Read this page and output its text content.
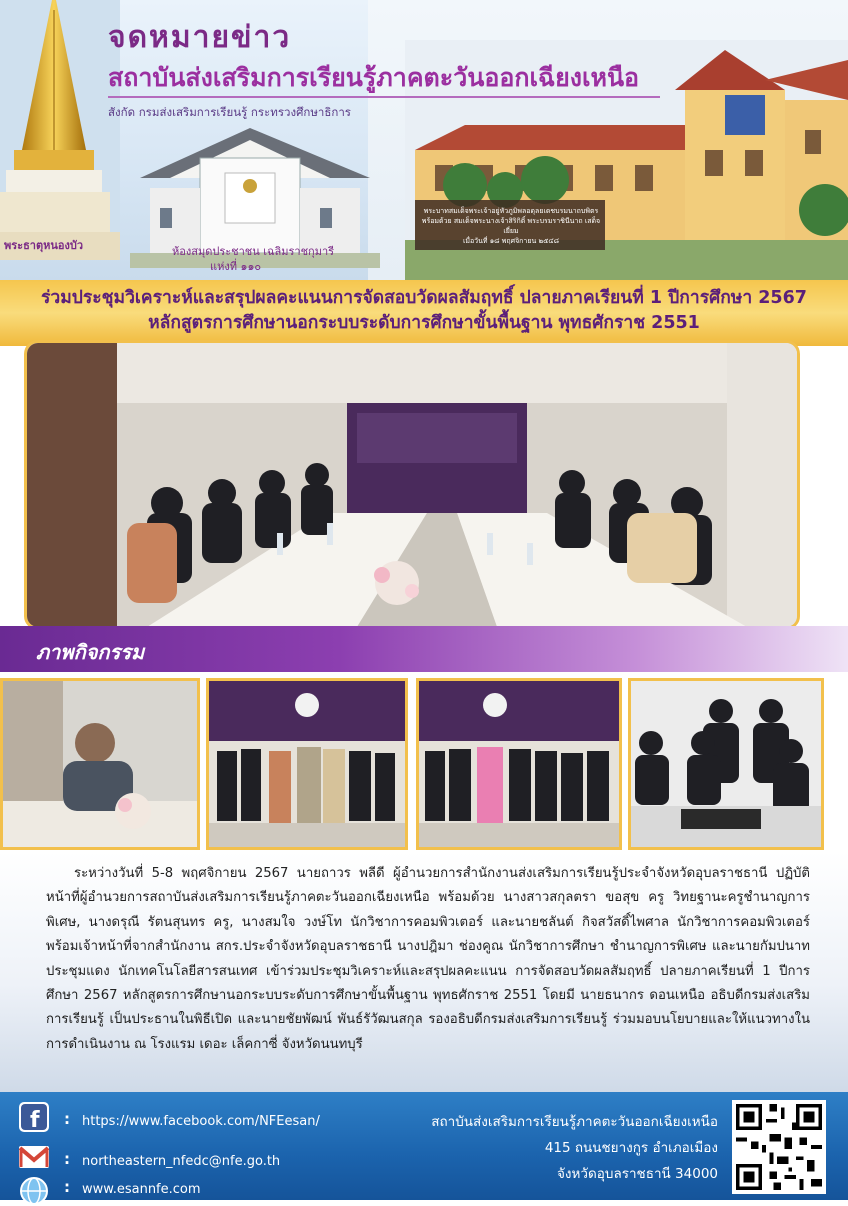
จดหมายข่าว
สถาบันส่งเสริมการเรียนรู้ภาคตะวันออกเฉียงเหนือ

สังกัด กรมส่งเสริมการเรียนรู้ กระทรวงศึกษาธิการ

พระธาตุหนองบัว	ห้องสมุดประชาชน เฉลิมราชกุมารี
แห่งที่ ๑๑๐
พระบาทสมเด็จพระเจ้าอยู่หัวภูมิพลอดุลยเดชบรมนาถบพิตร
พร้อมด้วย สมเด็จพระนางเจ้าสิริกิติ์ พระบรมราชินีนาถ เสด็จเยี่ยม
เมื่อวันที่ ๑๘ พฤศจิกายน ๒๕๔๘
ร่วมประชุมวิเคราะห์และสรุปผลคะแนนการจัดสอบวัดผลสัมฤทธิ์ ปลายภาคเรียนที่ 1 ปีการศึกษา 2567
หลักสูตรการศึกษานอกระบบระดับการศึกษาขั้นพื้นฐาน พุทธศักราช 2551
ภาพกิจกรรม

ระหว่างวันที่ 5-8 พฤศจิกายน 2567 นายถาวร พลีดี ผู้อำนวยการสำนักงานส่งเสริมการเรียนรู้ประจำจังหวัดอุบลราชธานี ปฏิบัติหน้าที่ผู้อำนวยการสถาบันส่งเสริมการเรียนรู้ภาคตะวันออกเฉียงเหนือ พร้อมด้วย นางสาวสกุลตรา ขอสุข ครู วิทยฐานะครูชำนาญการพิเศษ, นางดรุณี รัตนสุนทร ครู, นางสมใจ วงษ์โท นักวิชาการคอมพิวเตอร์ และนายชลันต์ กิจสวัสดิ์ไพศาล นักวิชาการคอมพิวเตอร์ พร้อมเจ้าหน้าที่จากสำนักงาน สกร.ประจำจังหวัดอุบลราชธานี นางปฎิมา ช่องคูณ นักวิชาการศึกษา ชำนาญการพิเศษ และนายกัมปนาท ประชุมแดง นักเทคโนโลยีสารสนเทศ เข้าร่วมประชุมวิเคราะห์และสรุปผลคะแนน การจัดสอบวัดผลสัมฤทธิ์ ปลายภาคเรียนที่ 1 ปีการศึกษา 2567 หลักสูตรการศึกษานอกระบบระดับการศึกษาขั้นพื้นฐาน พุทธศักราช 2551 โดยมี นายธนากร ดอนเหนือ อธิบดีกรมส่งเสริมการเรียนรู้ เป็นประธานในพิธีเปิด และนายชัยพัฒน์ พันธ์รัวัฒนสกุล รองอธิบดีกรมส่งเสริมการเรียนรู้ ร่วมมอบนโยบายและให้แนวทางในการดำเนินงาน ณ โรงแรม เดอะ เล็คกาซี่ จังหวัดนนทบุรี

f : https://www.facebook.com/NFEesan/
: northeastern_nfedc@nfe.go.th
: www.esannfe.com
สถาบันส่งเสริมการเรียนรู้ภาคตะวันออกเฉียงเหนือ
415 ถนนชยางกูร อำเภอเมือง
จังหวัดอุบลราชธานี 34000
